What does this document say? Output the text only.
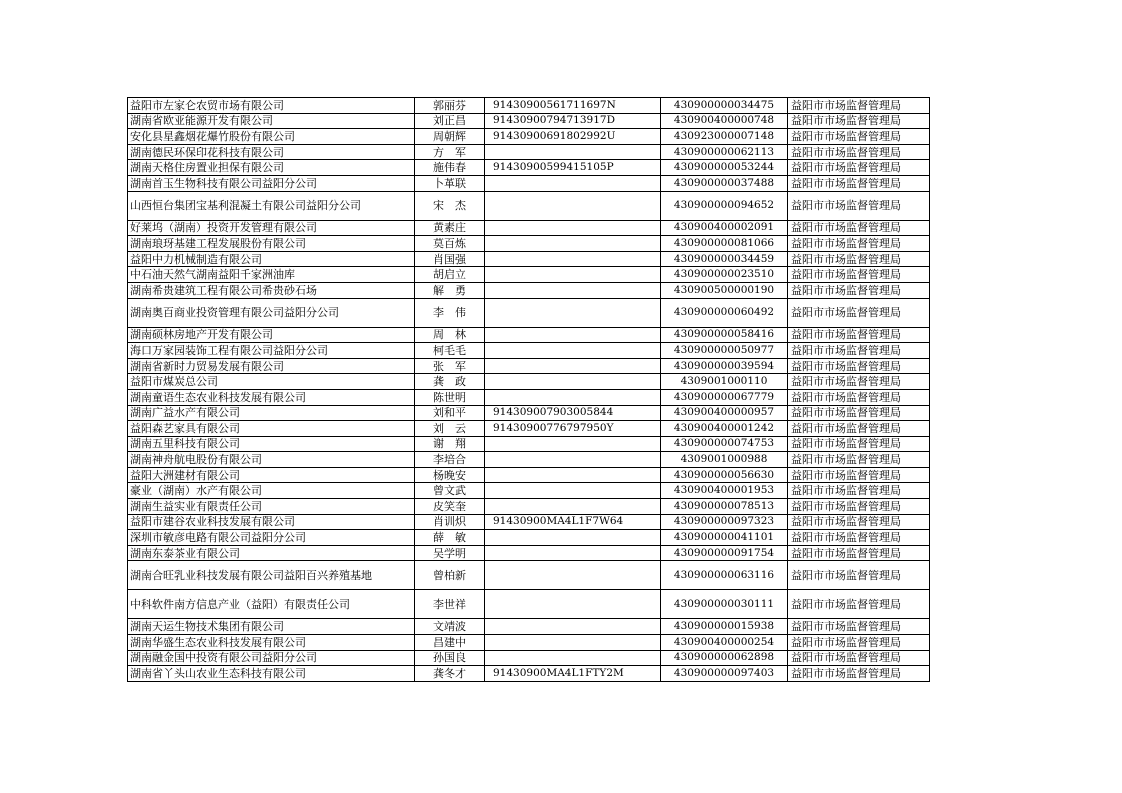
益阳市左家仑农贸市场有限公司	郭丽芬	91430900561711697N	430900000034475	益阳市市场监督管理局
湖南省欧亚能源开发有限公司	刘正昌	91430900794713917D	430900400000748	益阳市市场监督管理局
安化县星鑫烟花爆竹股份有限公司	周朝辉	91430900691802992U	430923000007148	益阳市市场监督管理局
湖南德民环保印花科技有限公司	方　军		430900000062113	益阳市市场监督管理局
湖南天格住房置业担保有限公司	施伟春	91430900599415105P	430900000053244	益阳市市场监督管理局
湖南首玉生物科技有限公司益阳分公司	卜革联		430900000037488	益阳市市场监督管理局
山西恒台集团宝基利混凝土有限公司益阳分公司	宋　杰		430900000094652	益阳市市场监督管理局
好莱坞（湖南）投资开发管理有限公司	黄素庄		430900400002091	益阳市市场监督管理局
湖南琅玡基建工程发展股份有限公司	莫百炼		430900000081066	益阳市市场监督管理局
益阳中力机械制造有限公司	肖国强		430900000034459	益阳市市场监督管理局
中石油天然气湖南益阳千家洲油库	胡启立		430900000023510	益阳市市场监督管理局
湖南希贵建筑工程有限公司希贵砂石场	解　勇		430900500000190	益阳市市场监督管理局
湖南奥百商业投资管理有限公司益阳分公司	李　伟		430900000060492	益阳市市场监督管理局
湖南硕林房地产开发有限公司	周　林		430900000058416	益阳市市场监督管理局
海口万家园装饰工程有限公司益阳分公司	柯毛毛		430900000050977	益阳市市场监督管理局
湖南省新时力贸易发展有限公司	张　军		430900000039594	益阳市市场监督管理局
益阳市煤炭总公司	龚　政		4309001000110	益阳市市场监督管理局
湖南童语生态农业科技发展有限公司	陈世明		430900000067779	益阳市市场监督管理局
湖南广益水产有限公司	刘和平	914309007903005844	430900400000957	益阳市市场监督管理局
益阳森艺家具有限公司	刘　云	91430900776797950Y	430900400001242	益阳市市场监督管理局
湖南五里科技有限公司	谢　翔		430900000074753	益阳市市场监督管理局
湖南神舟航电股份有限公司	李培合		4309001000988	益阳市市场监督管理局
益阳大洲建材有限公司	杨晚安		430900000056630	益阳市市场监督管理局
豪业（湖南）水产有限公司	曾文武		430900400001953	益阳市市场监督管理局
湖南生益实业有限责任公司	皮笑奎		430900000078513	益阳市市场监督管理局
益阳市建谷农业科技发展有限公司	肖训炽	91430900MA4L1F7W64	430900000097323	益阳市市场监督管理局
深圳市敏彦电路有限公司益阳分公司	薛　敏		430900000041101	益阳市市场监督管理局
湖南东泰茶业有限公司	吴学明		430900000091754	益阳市市场监督管理局
湖南合旺乳业科技发展有限公司益阳百兴养殖基地	曾柏新		430900000063116	益阳市市场监督管理局
中科软件南方信息产业（益阳）有限责任公司	李世祥		430900000030111	益阳市市场监督管理局
湖南天运生物技术集团有限公司	文靖波		430900000015938	益阳市市场监督管理局
湖南华盛生态农业科技发展有限公司	昌建中		430900400000254	益阳市市场监督管理局
湖南融金国中投资有限公司益阳分公司	孙国良		430900000062898	益阳市市场监督管理局
湖南省丫头山农业生态科技有限公司	龚冬才	91430900MA4L1FTY2M	430900000097403	益阳市市场监督管理局
